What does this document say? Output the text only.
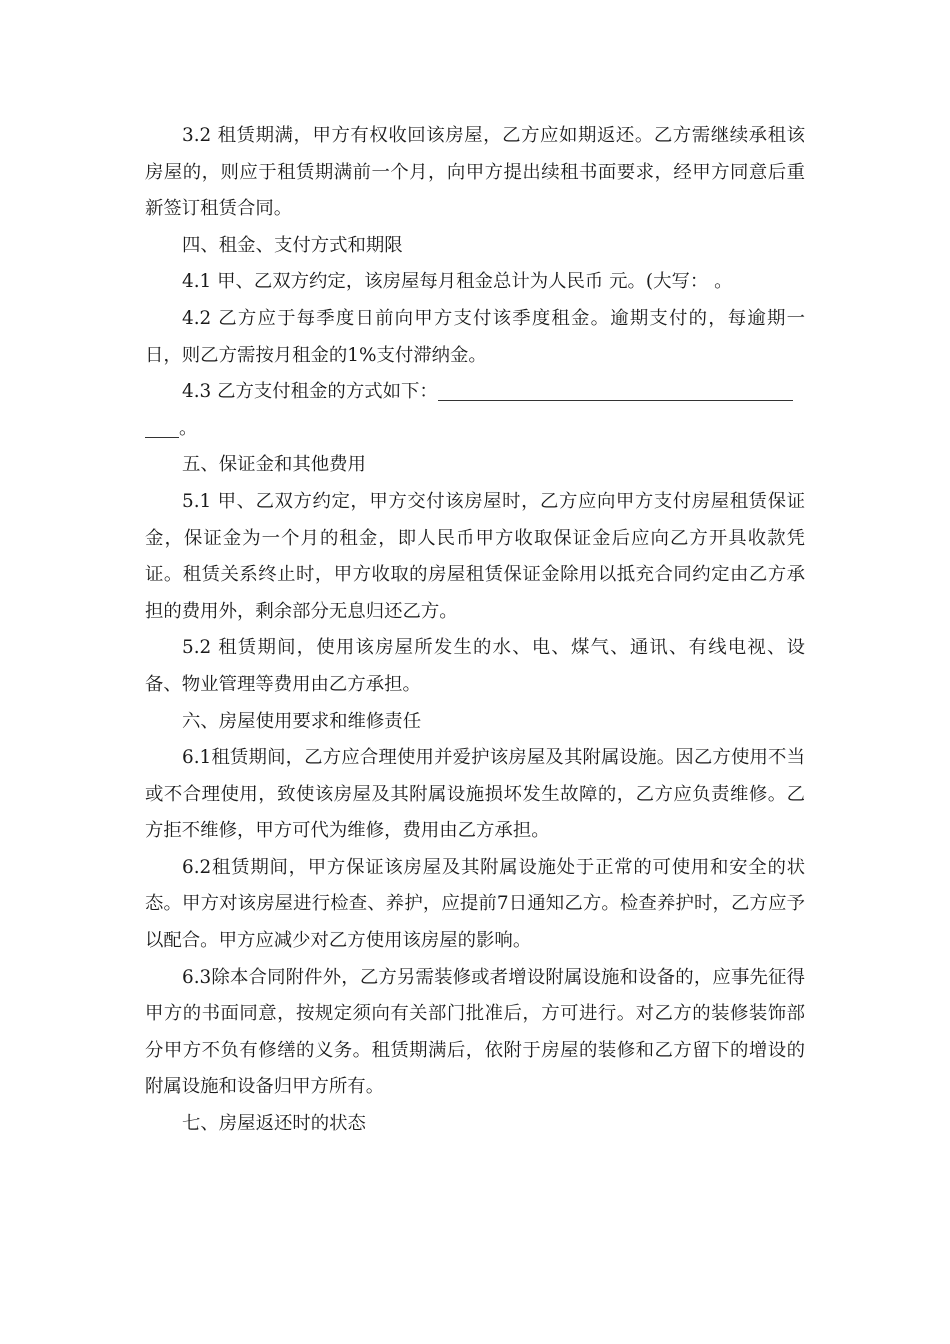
3.2 租赁期满，甲方有权收回该房屋，乙方应如期返还。乙方需继续承租该房屋的，则应于租赁期满前一个月，向甲方提出续租书面要求，经甲方同意后重新签订租赁合同。

四、租金、支付方式和期限

4.1 甲、乙双方约定，该房屋每月租金总计为人民币 元。(大写： 。

4.2 乙方应于每季度日前向甲方支付该季度租金。逾期支付的，每逾期一日，则乙方需按月租金的1%支付滞纳金。

4.3 乙方支付租金的方式如下：

。

五、保证金和其他费用

5.1 甲、乙双方约定，甲方交付该房屋时，乙方应向甲方支付房屋租赁保证金，保证金为一个月的租金，即人民币甲方收取保证金后应向乙方开具收款凭证。租赁关系终止时，甲方收取的房屋租赁保证金除用以抵充合同约定由乙方承担的费用外，剩余部分无息归还乙方。

5.2 租赁期间，使用该房屋所发生的水、电、煤气、通讯、有线电视、设备、物业管理等费用由乙方承担。

六、房屋使用要求和维修责任

6.1租赁期间，乙方应合理使用并爱护该房屋及其附属设施。因乙方使用不当或不合理使用，致使该房屋及其附属设施损坏发生故障的，乙方应负责维修。乙方拒不维修，甲方可代为维修，费用由乙方承担。

6.2租赁期间，甲方保证该房屋及其附属设施处于正常的可使用和安全的状态。甲方对该房屋进行检查、养护，应提前7日通知乙方。检查养护时，乙方应予以配合。甲方应减少对乙方使用该房屋的影响。

6.3除本合同附件外，乙方另需装修或者增设附属设施和设备的，应事先征得甲方的书面同意，按规定须向有关部门批准后，方可进行。对乙方的装修装饰部分甲方不负有修缮的义务。租赁期满后，依附于房屋的装修和乙方留下的增设的附属设施和设备归甲方所有。

七、房屋返还时的状态
